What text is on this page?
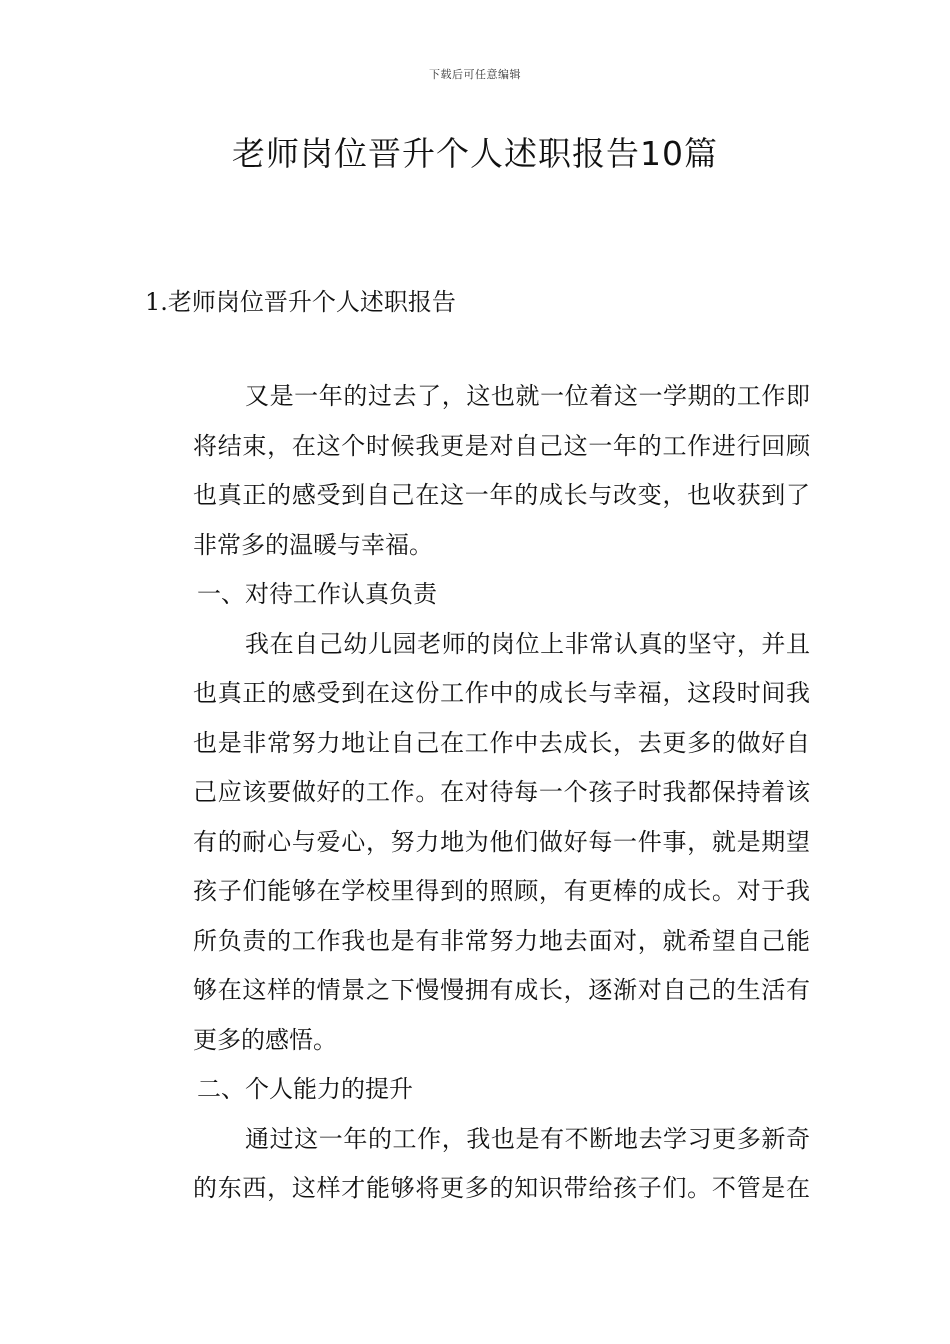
下载后可任意编辑
老师岗位晋升个人述职报告10篇
1.老师岗位晋升个人述职报告

又是一年的过去了，这也就一位着这一学期的工作即
将结束，在这个时候我更是对自己这一年的工作进行回顾
也真正的感受到自己在这一年的成长与改变，也收获到了
非常多的温暖与幸福。

一、对待工作认真负责

我在自己幼儿园老师的岗位上非常认真的坚守，并且
也真正的感受到在这份工作中的成长与幸福，这段时间我
也是非常努力地让自己在工作中去成长，去更多的做好自
己应该要做好的工作。在对待每一个孩子时我都保持着该
有的耐心与爱心，努力地为他们做好每一件事，就是期望
孩子们能够在学校里得到的照顾，有更棒的成长。对于我
所负责的工作我也是有非常努力地去面对，就希望自己能
够在这样的情景之下慢慢拥有成长，逐渐对自己的生活有
更多的感悟。

二、个人能力的提升

通过这一年的工作，我也是有不断地去学习更多新奇
的东西，这样才能够将更多的知识带给孩子们。不管是在
